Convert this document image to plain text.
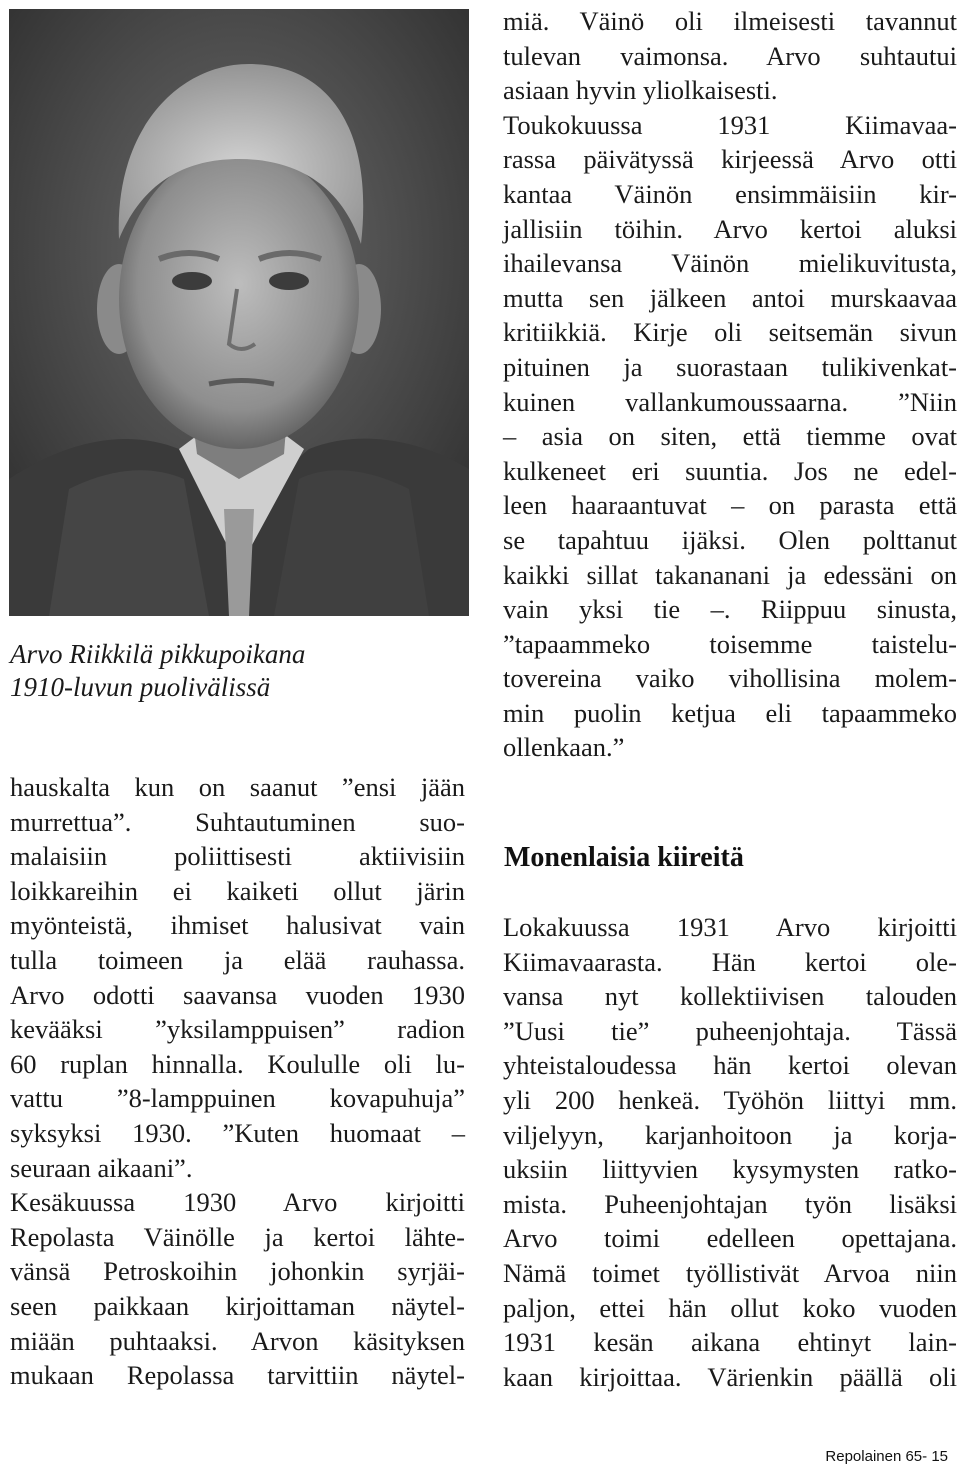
Arvo Riikkilä pikkupoikana
1910-luvun puolivälissä
hauskalta kun on saanut ”ensi jään
murrettua”. Suhtautuminen suo-
malaisiin poliittisesti aktiivisiin
loikkareihin ei kaiketi ollut järin
myönteistä, ihmiset halusivat vain
tulla toimeen ja elää rauhassa.
Arvo odotti saavansa vuoden 1930
kevääksi ”yksilamppuisen” radion
60 ruplan hinnalla. Koululle oli lu-
vattu ”8-lamppuinen kovapuhuja”
syksyksi 1930. ”Kuten huomaat –
seuraan aikaani”.
Kesäkuussa 1930 Arvo kirjoitti
Repolasta Väinölle ja kertoi lähte-
vänsä Petroskoihin johonkin syrjäi-
seen paikkaan kirjoittaman näytel-
miään puhtaaksi. Arvon käsityksen
mukaan Repolassa tarvittiin näytel-
miä. Väinö oli ilmeisesti tavannut
tulevan vaimonsa. Arvo suhtautui
asiaan hyvin yliolkaisesti.
Toukokuussa 1931 Kiimavaa-
rassa päivätyssä kirjeessä Arvo otti
kantaa Väinön ensimmäisiin kir-
jallisiin töihin. Arvo kertoi aluksi
ihailevansa Väinön mielikuvitusta,
mutta sen jälkeen antoi murskaavaa
kritiikkiä. Kirje oli seitsemän sivun
pituinen ja suorastaan tulikivenkat-
kuinen vallankumoussaarna. ”Niin
– asia on siten, että tiemme ovat
kulkeneet eri suuntia. Jos ne edel-
leen haaraantuvat – on parasta että
se tapahtuu ijäksi. Olen polttanut
kaikki sillat takananani ja edessäni on
vain yksi tie –. Riippuu sinusta,
”tapaammeko toisemme taistelu-
tovereina vaiko vihollisina molem-
min puolin ketjua eli tapaammeko
ollenkaan.”
Monenlaisia kiireitä
Lokakuussa 1931 Arvo kirjoitti
Kiimavaarasta. Hän kertoi ole-
vansa nyt kollektiivisen talouden
”Uusi tie” puheenjohtaja. Tässä
yhteistaloudessa hän kertoi olevan
yli 200 henkeä. Työhön liittyi mm.
viljelyyn, karjanhoitoon ja korja-
uksiin liittyvien kysymysten ratko-
mista. Puheenjohtajan työn lisäksi
Arvo toimi edelleen opettajana.
Nämä toimet työllistivät Arvoa niin
paljon, ettei hän ollut koko vuoden
1931 kesän aikana ehtinyt lain-
kaan kirjoittaa. Värienkin päällä oli
Repolainen 65- 15
